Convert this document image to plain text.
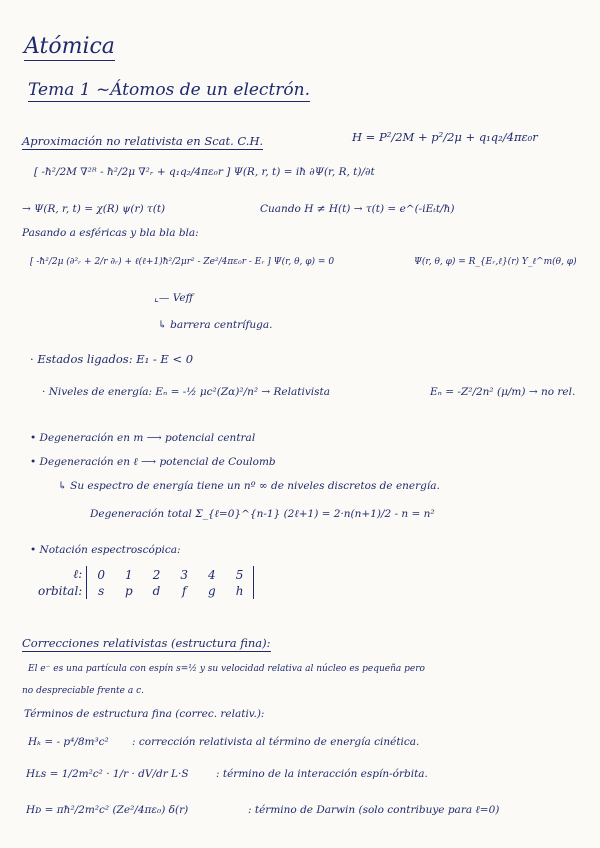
Atómica
Tema 1 ~Átomos de un electrón.
Aproximación no relativista en Scat. C.H.	H = P²/2M + p²/2μ + q₁q₂/4πε₀r
[ -ħ²/2M ∇²ᴿ - ħ²/2μ ∇²ᵣ + q₁q₂/4πε₀r ] Ψ(R, r, t) = iħ ∂Ψ(r, R, t)/∂t
→ Ψ(R, r, t) = χ(R) ψ(r) τ(t)	Cuando H ≠ H(t) → τ(t) = e^(-iEₜt/ħ)
Pasando a esféricas y bla bla bla:
[ -ħ²/2μ (∂²ᵣ + 2/r ∂ᵣ) + ℓ(ℓ+1)ħ²/2μr² - Ze²/4πε₀r - Eᵣ ] Ψ(r, θ, φ) = 0	Ψ(r, θ, φ) = R_{Eᵣ,ℓ}(r) Y_ℓ^m(θ, φ)
⌞— Veff
↳ barrera centrífuga.
· Estados ligados: E₁ - E < 0
· Niveles de energía: Eₙ = -½ μc²(Zα)²/n² → Relativista	Eₙ = -Z²/2n² (μ/m) → no rel.
• Degeneración en m ⟶ potencial central
• Degeneración en ℓ ⟶ potencial de Coulomb
↳ Su espectro de energía tiene un nº ∞ de niveles discretos de energía.
Degeneración total Σ_{ℓ=0}^{n-1} (2ℓ+1) = 2·n(n+1)/2 - n = n²
• Notación espectroscópica:
ℓ:	0	1	2	3	4	5
orbital:	s	p	d	f	g	h
Correcciones relativistas (estructura fina):
El e⁻ es una partícula con espín s=½ y su velocidad relativa al núcleo es pequeña pero
no despreciable frente a c.
Términos de estructura fina (correc. relativ.):
Hₖ = - p⁴/8m³c² : corrección relativista al término de energía cinética.
Hʟs = 1/2m²c² · 1/r · dV/dr L·S	: término de la interacción espín-órbita.
Hᴅ = πħ²/2m²c² (Ze²/4πε₀) δ(r)	: término de Darwin (solo contribuye para ℓ=0)
